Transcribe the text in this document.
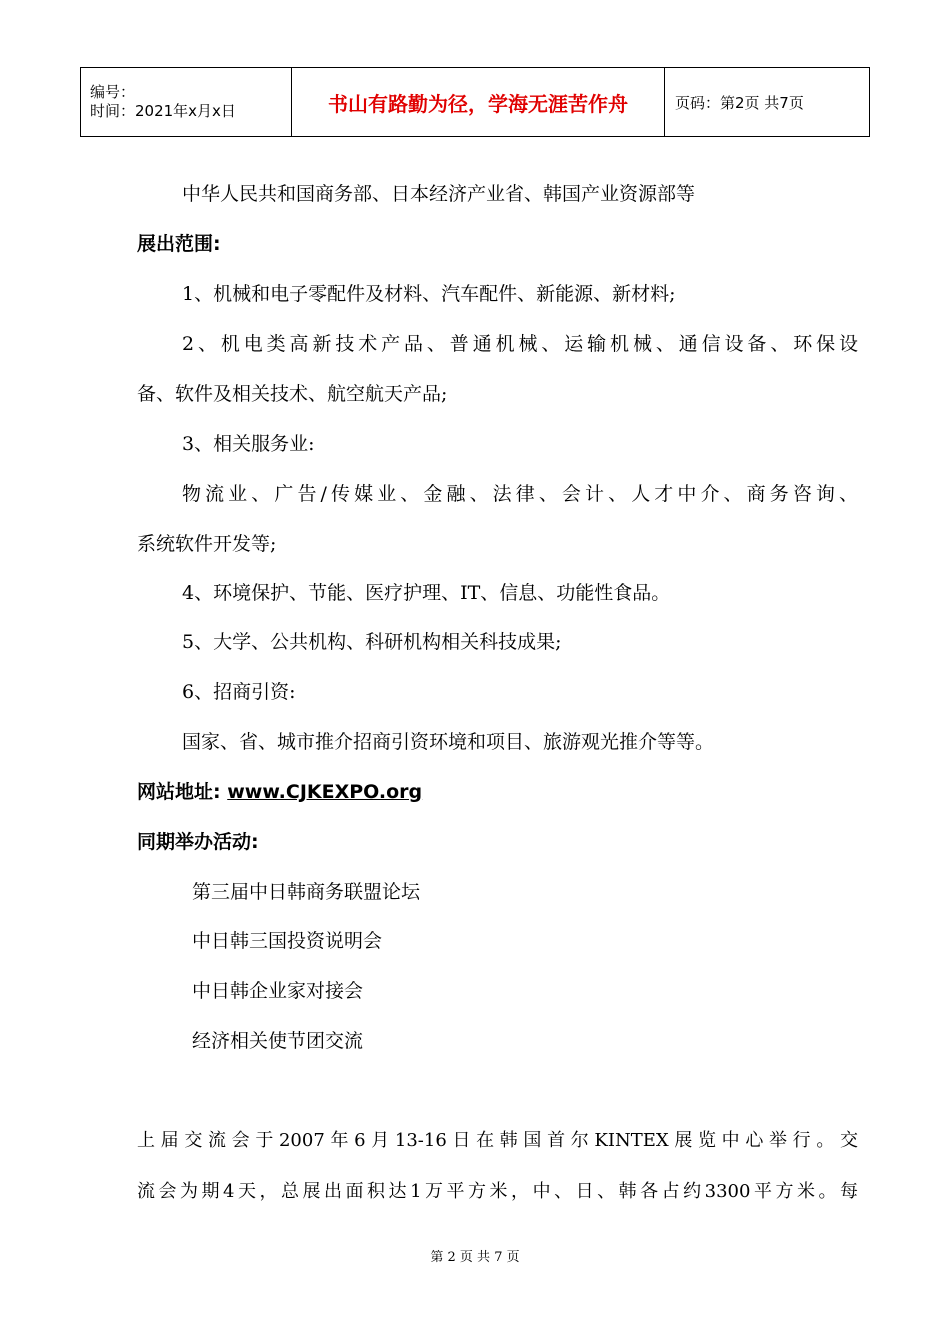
编号：
时间：2021年x月x日	书山有路勤为径，学海无涯苦作舟	页码：第2页 共7页
中华人民共和国商务部、日本经济产业省、韩国产业资源部等
展出范围:
1、机械和电子零配件及材料、汽车配件、新能源、新材料;
2、机电类高新技术产品、普通机械、运输机械、通信设备、环保设
备、软件及相关技术、航空航天产品;
3、相关服务业:
物流业、广告/传媒业、金融、法律、会计、人才中介、商务咨询、
系统软件开发等;
4、环境保护、节能、医疗护理、IT、信息、功能性食品。
5、大学、公共机构、科研机构相关科技成果;
6、招商引资:
国家、省、城市推介招商引资环境和项目、旅游观光推介等等。
网站地址: www.CJKEXPO.org
同期举办活动:
第三届中日韩商务联盟论坛
中日韩三国投资说明会
中日韩企业家对接会
经济相关使节团交流
上届交流会于2007年6月13-16日在韩国首尔KINTEX展览中心举行。交
流会为期4天，总展出面积达1万平方米，中、日、韩各占约3300平方米。每
第 2 页 共 7 页
